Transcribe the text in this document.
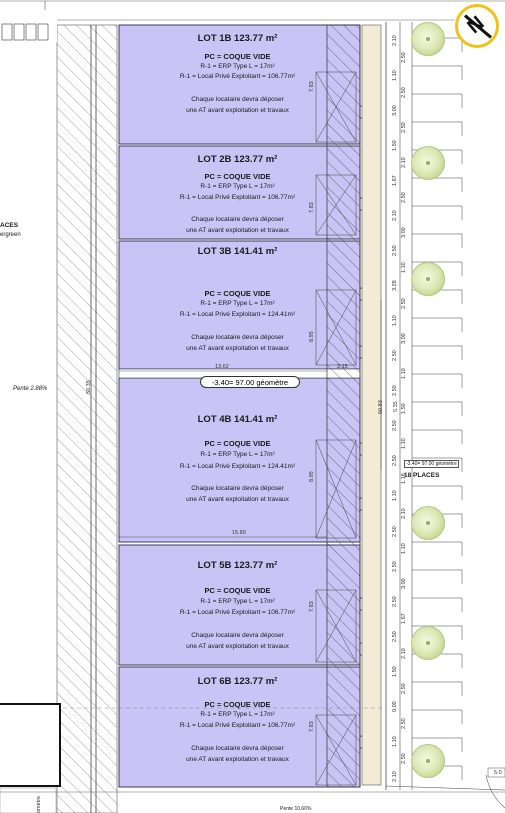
N
LOT 1B 123.77 m²
PC = COQUE VIDE
R-1 = ERP Type L = 17m²
R-1 = Local Privé Exploitant = 106.77m²
Chaque locataire devra déposer
une AT avant exploitation et travaux
LOT 2B 123.77 m²
PC = COQUE VIDE
R-1 = ERP Type L = 17m²
R-1 = Local Privé Exploitant = 106.77m²
Chaque locataire devra déposer
une AT avant exploitation et travaux
LOT 3B 141.41 m²
PC = COQUE VIDE
R-1 = ERP Type L = 17m²
R-1 = Local Privé Exploitant = 124.41m²
Chaque locataire devra déposer
une AT avant exploitation et travaux
LOT 4B 141.41 m²
PC = COQUE VIDE
R-1 = ERP Type L = 17m²
R-1 = Local Privé Exploitant = 124.41m²
Chaque locataire devra déposer
une AT avant exploitation et travaux
LOT 5B 123.77 m²
PC = COQUE VIDE
R-1 = ERP Type L = 17m²
R-1 = Local Privé Exploitant = 106.77m²
Chaque locataire devra déposer
une AT avant exploitation et travaux
LOT 6B 123.77 m²
PC = COQUE VIDE
R-1 = ERP Type L = 17m²
R-1 = Local Privé Exploitant = 106.77m²
Chaque locataire devra déposer
une AT avant exploitation et travaux
7.83
7.83
8.95
8.95
7.83
7.83
-3.40= 97.00 géomètre
13.62	2.15
15.80
50.83
50.35
5.35
5.0
-3.40= 97.00 géomètre
18 PLACES
ACES
ergreen
Pente 2.88%
Pente 10.60%
omètre
2.10
2.50
1.10
2.50
3.00
2.50
1.50
2.10
1.67
2.50
2.10
3.00
2.50
1.10
3.28
2.50
1.10
3.00
2.50
1.10
2.50
1.50
2.50
1.10
2.50
1.18
1.10
2.10
2.50
1.10
2.50
3.00
2.50
1.67
2.50
2.10
1.50
2.50
0.00
2.50
1.10
2.50
2.10
